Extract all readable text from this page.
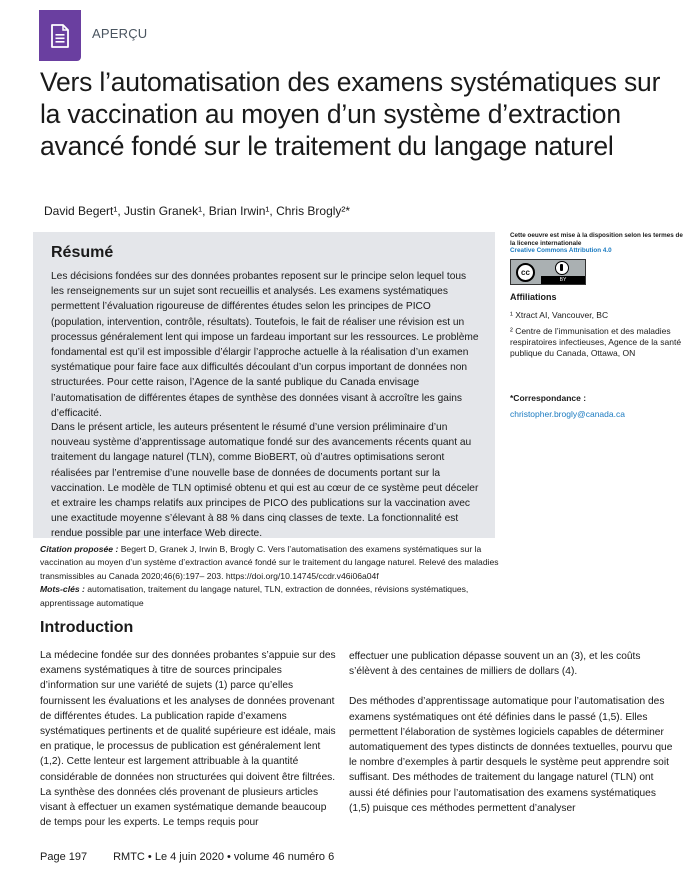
APERÇU
Vers l’automatisation des examens systématiques sur la vaccination au moyen d’un système d’extraction avancé fondé sur le traitement du langage naturel
David Begert¹, Justin Granek¹, Brian Irwin¹, Chris Brogly²*
Résumé

Les décisions fondées sur des données probantes reposent sur le principe selon lequel tous les renseignements sur un sujet sont recueillis et analysés. Les examens systématiques permettent l’évaluation rigoureuse de différentes études selon les principes de PICO (population, intervention, contrôle, résultats). Toutefois, le fait de réaliser une révision est un processus généralement lent qui impose un fardeau important sur les ressources. Le problème fondamental est qu’il est impossible d’élargir l’approche actuelle à la réalisation d’un examen systématique pour faire face aux difficultés découlant d’un corpus important de données non structurées. Pour cette raison, l’Agence de la santé publique du Canada envisage l’automatisation de différentes étapes de synthèse des données visant à accroître les gains d’efficacité.

Dans le présent article, les auteurs présentent le résumé d’une version préliminaire d’un nouveau système d’apprentissage automatique fondé sur des avancements récents quant au traitement du langage naturel (TLN), comme BioBERT, où d’autres optimisations seront réalisées par l’entremise d’une nouvelle base de données de documents portant sur la vaccination. Le modèle de TLN optimisé obtenu et qui est au cœur de ce système peut déceler et extraire les champs relatifs aux principes de PICO des publications sur la vaccination avec une exactitude moyenne s’élevant à 88 % dans cinq classes de texte. La fonctionnalité est rendue possible par une interface Web directe.

Citation proposée : Begert D, Granek J, Irwin B, Brogly C. Vers l’automatisation des examens systématiques sur la vaccination au moyen d’un système d’extraction avancé fondé sur le traitement du langage naturel. Relevé des maladies transmissibles au Canada 2020;46(6):197– 203. https://doi.org/10.14745/ccdr.v46i06a04f
Mots-clés : automatisation, traitement du langage naturel, TLN, extraction de données, révisions systématiques, apprentissage automatique
Cette oeuvre est mise à la disposition selon les termes de la licence internationale
Creative Commons Attribution 4.0
cc
BY
Affiliations
¹ Xtract AI, Vancouver, BC
² Centre de l’immunisation et des maladies respiratoires infectieuses, Agence de la santé publique du Canada, Ottawa, ON
*Correspondance :
christopher.brogly@canada.ca
Introduction
La médecine fondée sur des données probantes s’appuie sur des examens systématiques à titre de sources principales d’information sur une variété de sujets (1) parce qu’elles fournissent les évaluations et les analyses de données provenant de différentes études. La publication rapide d’examens systématiques pertinents et de qualité supérieure est idéale, mais en pratique, le processus de publication est généralement lent (1,2). Cette lenteur est largement attribuable à la quantité considérable de données non structurées qui doivent être filtrées. La synthèse des données clés provenant de plusieurs articles visant à effectuer un examen systématique demande beaucoup de temps pour les experts. Le temps requis pour

effectuer une publication dépasse souvent un an (3), et les coûts s’élèvent à des centaines de milliers de dollars (4).

Des méthodes d’apprentissage automatique pour l’automatisation des examens systématiques ont été définies dans le passé (1,5). Elles permettent l’élaboration de systèmes logiciels capables de déterminer automatiquement des types distincts de données textuelles, pourvu que le nombre d’exemples à partir desquels le système peut apprendre soit suffisant. Des méthodes de traitement du langage naturel (TLN) ont aussi été définies pour l’automatisation des examens systématiques (1,5) puisque ces méthodes permettent d’analyser

Page 197 RMTC • Le 4 juin 2020 • volume 46 numéro 6
